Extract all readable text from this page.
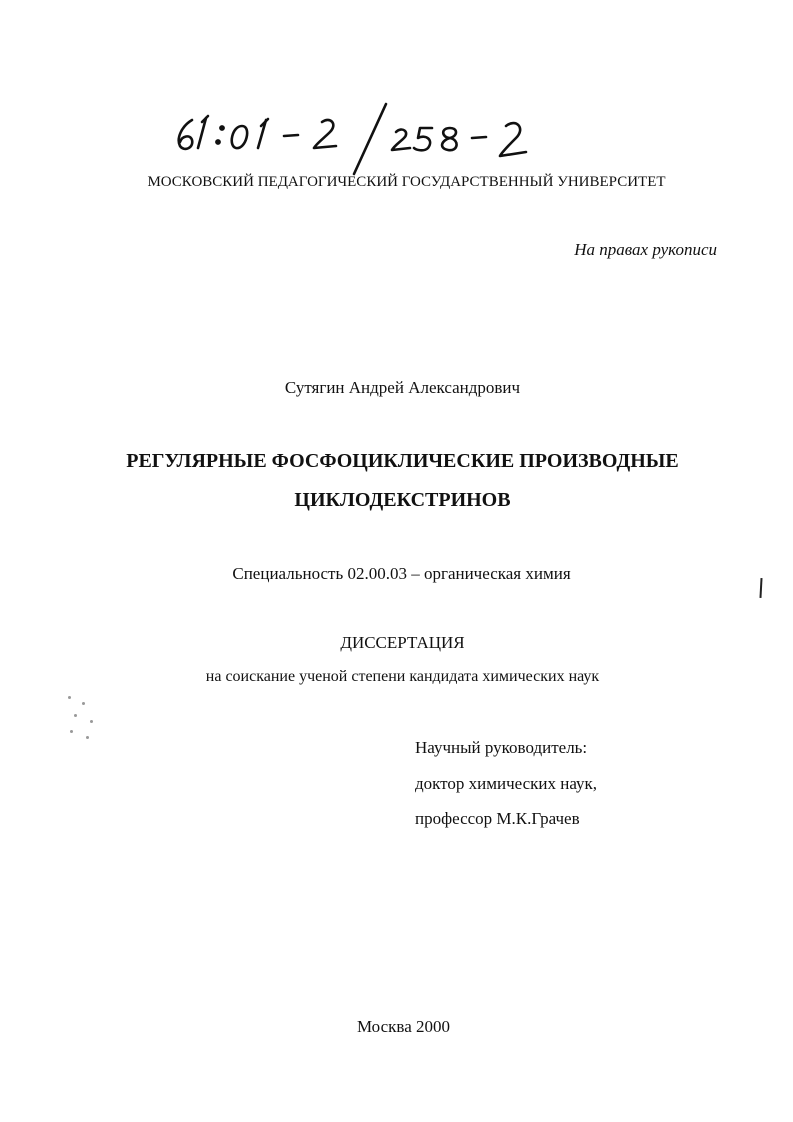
МОСКОВСКИЙ ПЕДАГОГИЧЕСКИЙ ГОСУДАРСТВЕННЫЙ УНИВЕРСИТЕТ
На правах рукописи
Сутягин Андрей Александрович
РЕГУЛЯРНЫЕ ФОСФОЦИКЛИЧЕСКИЕ ПРОИЗВОДНЫЕ
ЦИКЛОДЕКСТРИНОВ
Специальность 02.00.03 – органическая химия
ДИССЕРТАЦИЯ
на соискание ученой степени кандидата химических наук
Научный руководитель:
доктор химических наук,
профессор М.К.Грачев
Москва 2000
